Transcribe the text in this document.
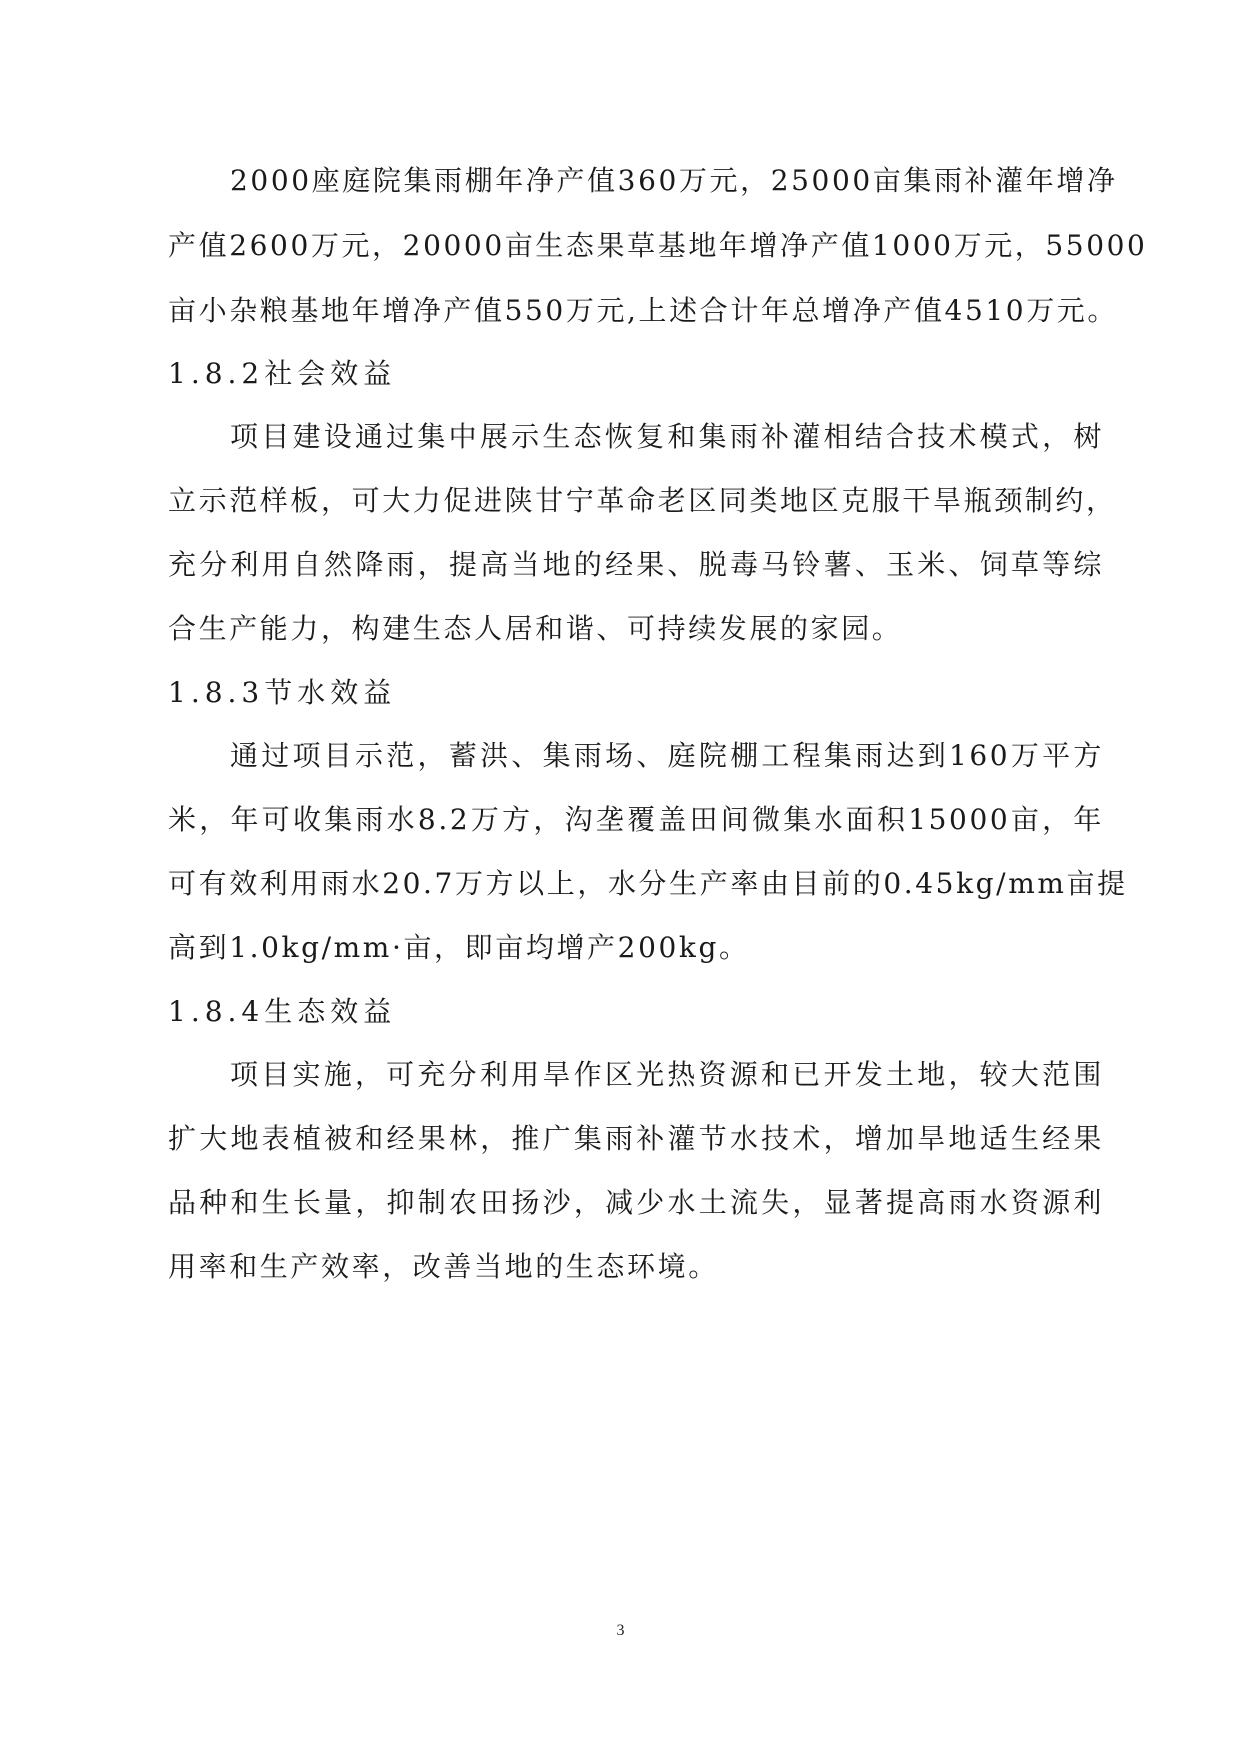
2000座庭院集雨棚年净产值360万元，25000亩集雨补灌年增净
产值2600万元，20000亩生态果草基地年增净产值1000万元，55000
亩小杂粮基地年增净产值550万元,上述合计年总增净产值4510万元。
1.8.2社会效益
项目建设通过集中展示生态恢复和集雨补灌相结合技术模式，树
立示范样板，可大力促进陕甘宁革命老区同类地区克服干旱瓶颈制约，
充分利用自然降雨，提高当地的经果、脱毒马铃薯、玉米、饲草等综
合生产能力，构建生态人居和谐、可持续发展的家园。
1.8.3节水效益
通过项目示范，蓄洪、集雨场、庭院棚工程集雨达到160万平方
米，年可收集雨水8.2万方，沟垄覆盖田间微集水面积15000亩，年
可有效利用雨水20.7万方以上，水分生产率由目前的0.45kg/mm亩提
高到1.0kg/mm·亩，即亩均增产200kg。
1.8.4生态效益
项目实施，可充分利用旱作区光热资源和已开发土地，较大范围
扩大地表植被和经果林，推广集雨补灌节水技术，增加旱地适生经果
品种和生长量，抑制农田扬沙，减少水土流失，显著提高雨水资源利
用率和生产效率，改善当地的生态环境。
3
